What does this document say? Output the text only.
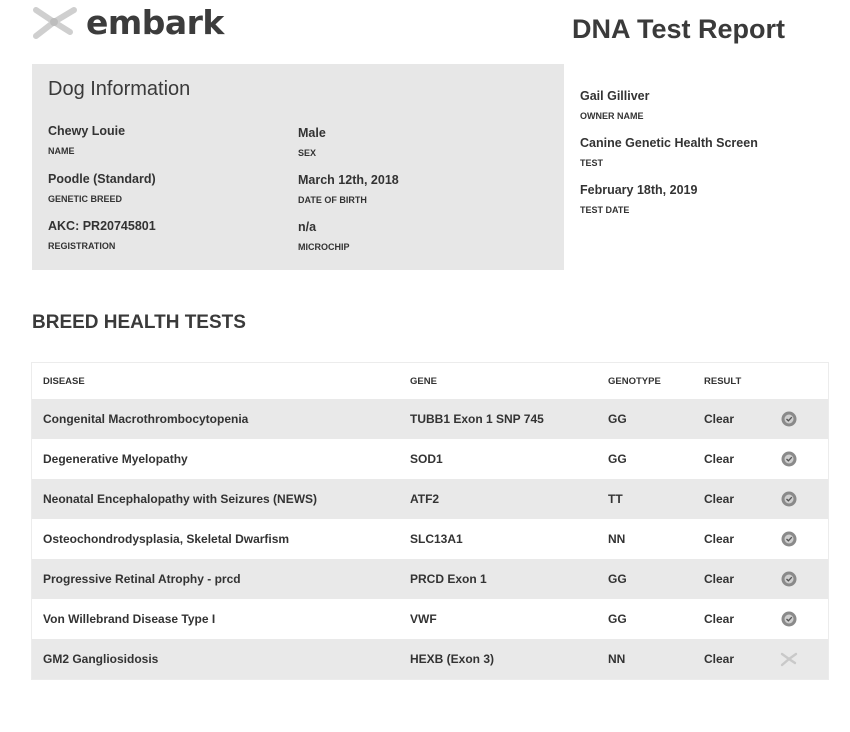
embark	DNA Test Report
Dog Information
Chewy Louie
NAME
Male
SEX
Poodle (Standard)
GENETIC BREED
March 12th, 2018
DATE OF BIRTH
AKC: PR20745801
REGISTRATION
n/a
MICROCHIP
Gail Gilliver
OWNER NAME
Canine Genetic Health Screen
TEST
February 18th, 2019
TEST DATE
BREED HEALTH TESTS
DISEASE	GENE	GENOTYPE	RESULT
Congenital Macrothrombocytopenia	TUBB1 Exon 1 SNP 745	GG	Clear
Degenerative Myelopathy	SOD1	GG	Clear
Neonatal Encephalopathy with Seizures (NEWS)	ATF2	TT	Clear
Osteochondrodysplasia, Skeletal Dwarfism	SLC13A1	NN	Clear
Progressive Retinal Atrophy - prcd	PRCD Exon 1	GG	Clear
Von Willebrand Disease Type I	VWF	GG	Clear
GM2 Gangliosidosis	HEXB (Exon 3)	NN	Clear
